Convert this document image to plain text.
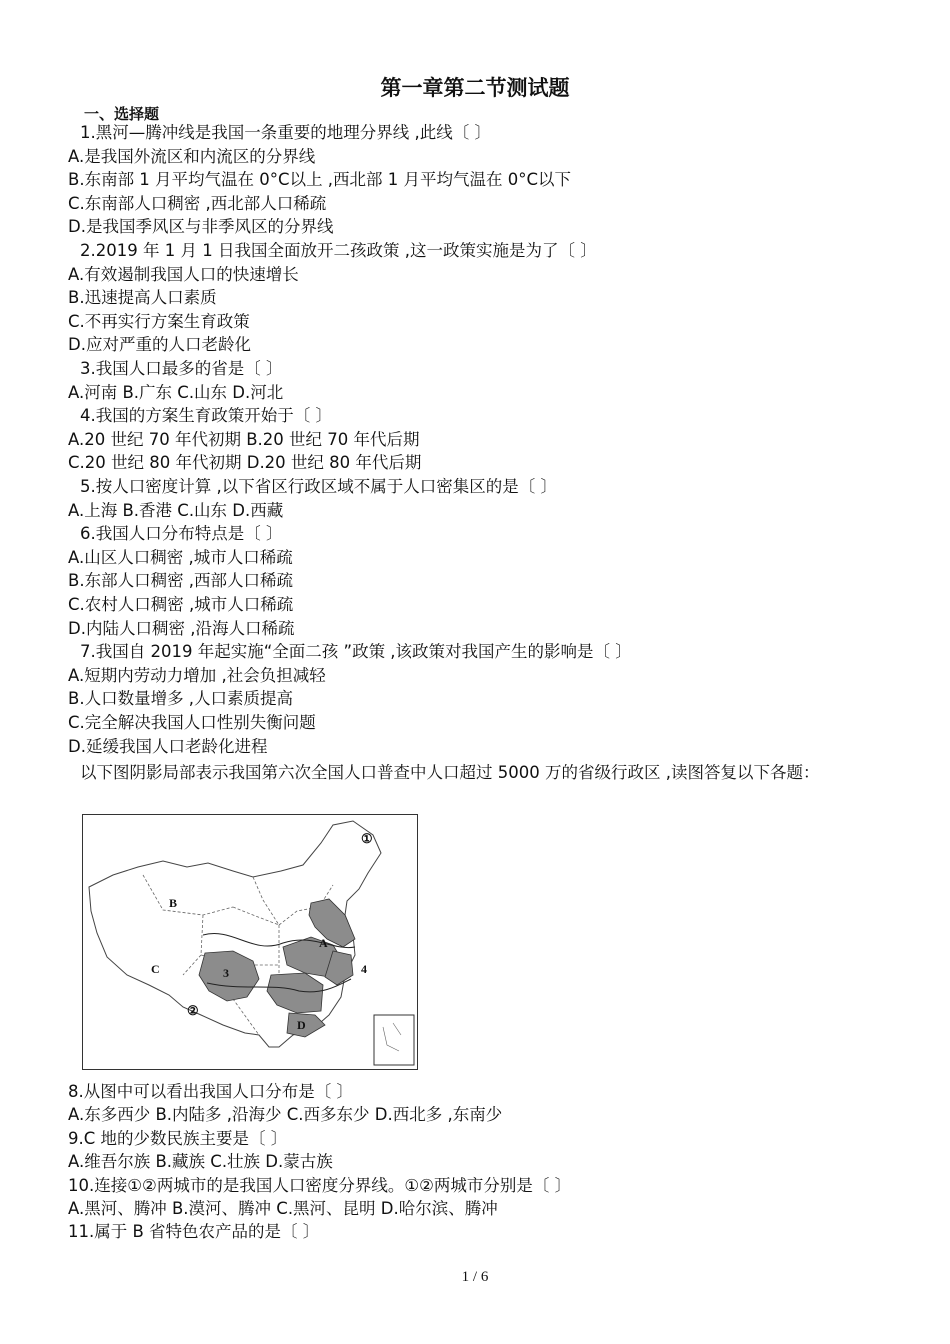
第一章第二节测试题
一、选择题
1.黑河—腾冲线是我国一条重要的地理分界线 ,此线〔 〕
A.是我国外流区和内流区的分界线
B.东南部 1 月平均气温在 0°C以上 ,西北部 1 月平均气温在 0°C以下
C.东南部人口稠密 ,西北部人口稀疏
D.是我国季风区与非季风区的分界线
2.2019 年 1 月 1 日我国全面放开二孩政策 ,这一政策实施是为了〔 〕
A.有效遏制我国人口的快速增长
B.迅速提高人口素质
C.不再实行方案生育政策
D.应对严重的人口老龄化
3.我国人口最多的省是〔 〕
A.河南 B.广东 C.山东 D.河北
4.我国的方案生育政策开始于〔 〕
A.20 世纪 70 年代初期 B.20 世纪 70 年代后期
C.20 世纪 80 年代初期 D.20 世纪 80 年代后期
5.按人口密度计算 ,以下省区行政区域不属于人口密集区的是〔 〕
A.上海 B.香港 C.山东 D.西藏
6.我国人口分布特点是〔 〕
A.山区人口稠密 ,城市人口稀疏
B.东部人口稠密 ,西部人口稀疏
C.农村人口稠密 ,城市人口稀疏
D.内陆人口稠密 ,沿海人口稀疏
7.我国自 2019 年起实施“全面二孩 ”政策 ,该政策对我国产生的影响是〔 〕
A.短期内劳动力增加 ,社会负担减轻
B.人口数量增多 ,人口素质提高
C.完全解决我国人口性别失衡问题
D.延缓我国人口老龄化进程
以下图阴影局部表示我国第六次全国人口普查中人口超过 5000 万的省级行政区 ,读图答复以下各题：
B
C	3
A
4
D
①
②
8.从图中可以看出我国人口分布是〔 〕
A.东多西少 B.内陆多 ,沿海少 C.西多东少 D.西北多 ,东南少
9.C 地的少数民族主要是〔 〕
A.维吾尔族 B.藏族 C.壮族 D.蒙古族
10.连接①②两城市的是我国人口密度分界线。①②两城市分别是〔 〕
A.黑河、腾冲 B.漠河、腾冲 C.黑河、昆明 D.哈尔滨、腾冲
11.属于 B 省特色农产品的是〔 〕
1 / 6
